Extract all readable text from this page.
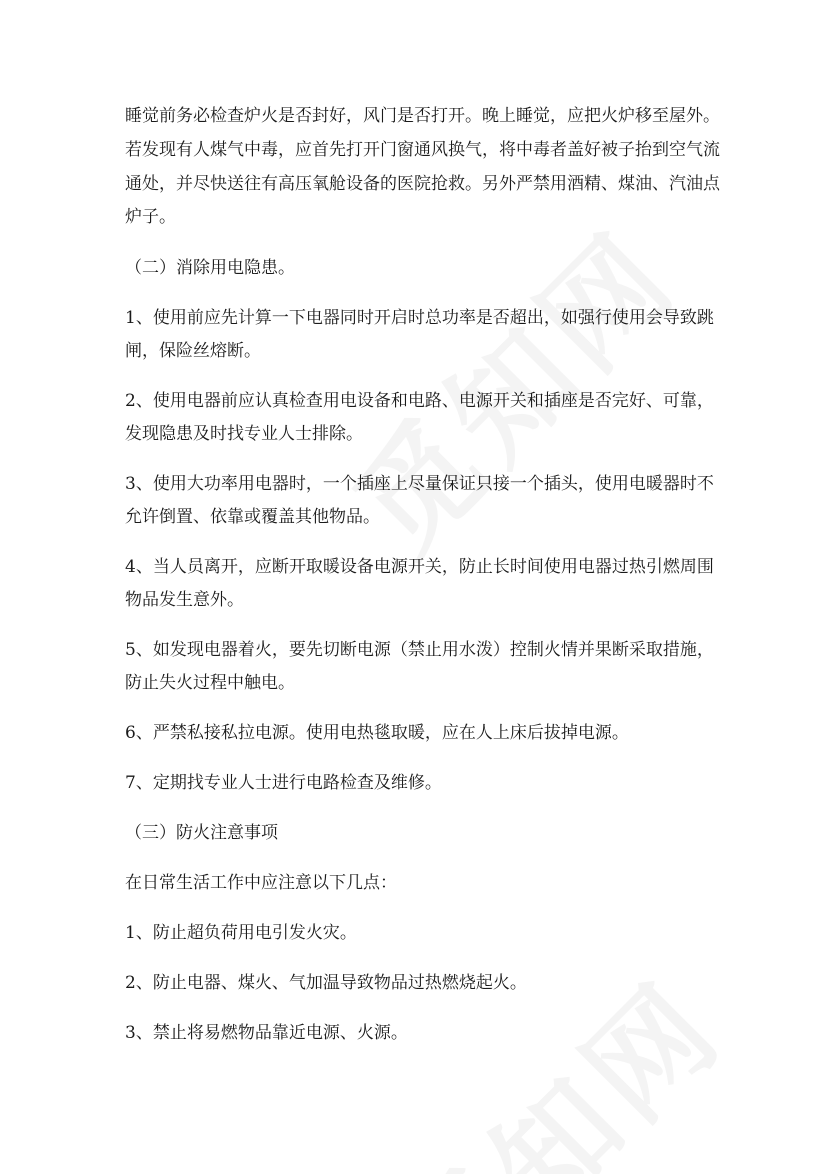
睡觉前务必检查炉火是否封好，风门是否打开。晚上睡觉，应把火炉移至屋外。
若发现有人煤气中毒，应首先打开门窗通风换气，将中毒者盖好被子抬到空气流
通处，并尽快送往有高压氧舱设备的医院抢救。另外严禁用酒精、煤油、汽油点
炉子。
（二）消除用电隐患。
1、使用前应先计算一下电器同时开启时总功率是否超出，如强行使用会导致跳
闸，保险丝熔断。
2、使用电器前应认真检查用电设备和电路、电源开关和插座是否完好、可靠，
发现隐患及时找专业人士排除。
3、使用大功率用电器时，一个插座上尽量保证只接一个插头，使用电暖器时不
允许倒置、依靠或覆盖其他物品。
4、当人员离开，应断开取暖设备电源开关，防止长时间使用电器过热引燃周围
物品发生意外。
5、如发现电器着火，要先切断电源（禁止用水泼）控制火情并果断采取措施，
防止失火过程中触电。
6、严禁私接私拉电源。使用电热毯取暖，应在人上床后拔掉电源。
7、定期找专业人士进行电路检查及维修。
（三）防火注意事项
在日常生活工作中应注意以下几点：
1、防止超负荷用电引发火灾。
2、防止电器、煤火、气加温导致物品过热燃烧起火。
3、禁止将易燃物品靠近电源、火源。
